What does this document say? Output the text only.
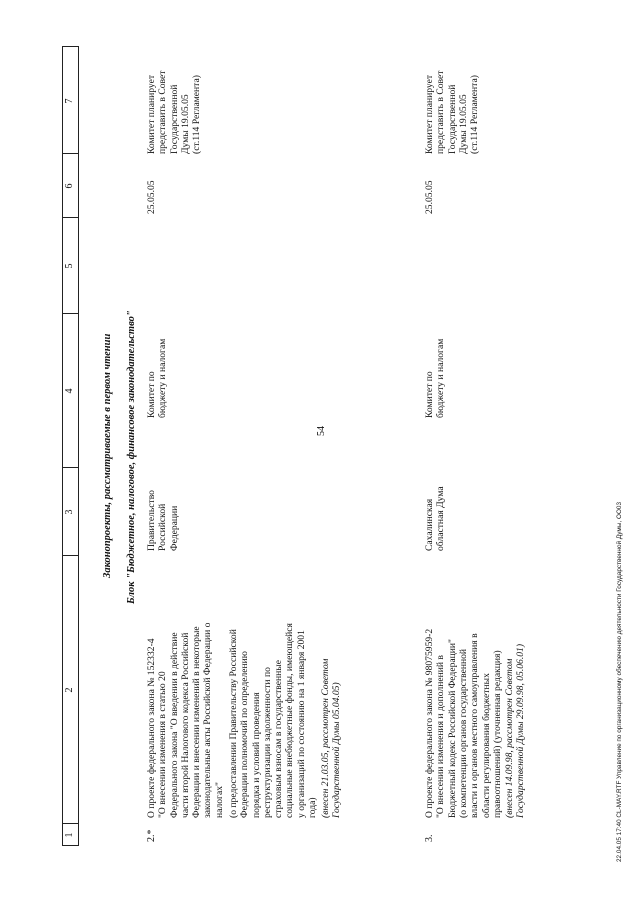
54
1
2
3
4
5
6
7
Законопроекты, рассматриваемые в первом чтении Блок "Бюджетное, налоговое, финансовое законодательство"
2.*
О проекте федерального закона № 152332-4
"О внесении изменения в статью 20
Федерального закона "О введении в действие
части второй Налогового кодекса Российской
Федерации и внесении изменений в некоторые
законодательные акты Российской Федерации о
налогах" (о предоставлении Правительству Российской
Федерации полномочий по определению
порядка и условий проведения
реструктуризации задолженности по
страховым взносам в государственные
социальные внебюджетные фонды, имеющейся
у организаций по состоянию на 1 января 2001
года) (внесен 21.03.05, рассмотрен Советом
Государственной Думы 05.04.05)
Правительство
Российской
Федерации
Комитет по
бюджету и налогам
25.05.05
Комитет планирует
представить в Совет
Государственной
Думы 19.05.05
(ст.114 Регламента)
3.
О проекте федерального закона № 98075959-2
"О внесении изменения и дополнений в
Бюджетный кодекс Российской Федерации"
(о компетенции органов государственной
власти и органов местного самоуправления в
области регулирования бюджетных
правоотношений) (уточненная редакция)
(внесен 14.09.98, рассмотрен Советом
Государственной Думы 29.09.98, 05.06.01)
Сахалинская
областная Дума
Комитет по
бюджету и налогам
25.05.05
Комитет планирует
представить в Совет
Государственной
Думы 19.05.05
(ст.114 Регламента)
22.04.05 17:40 CL-MAY.RTF Управление по организационному обеспечению деятельности Государственной Думы, ОО03
